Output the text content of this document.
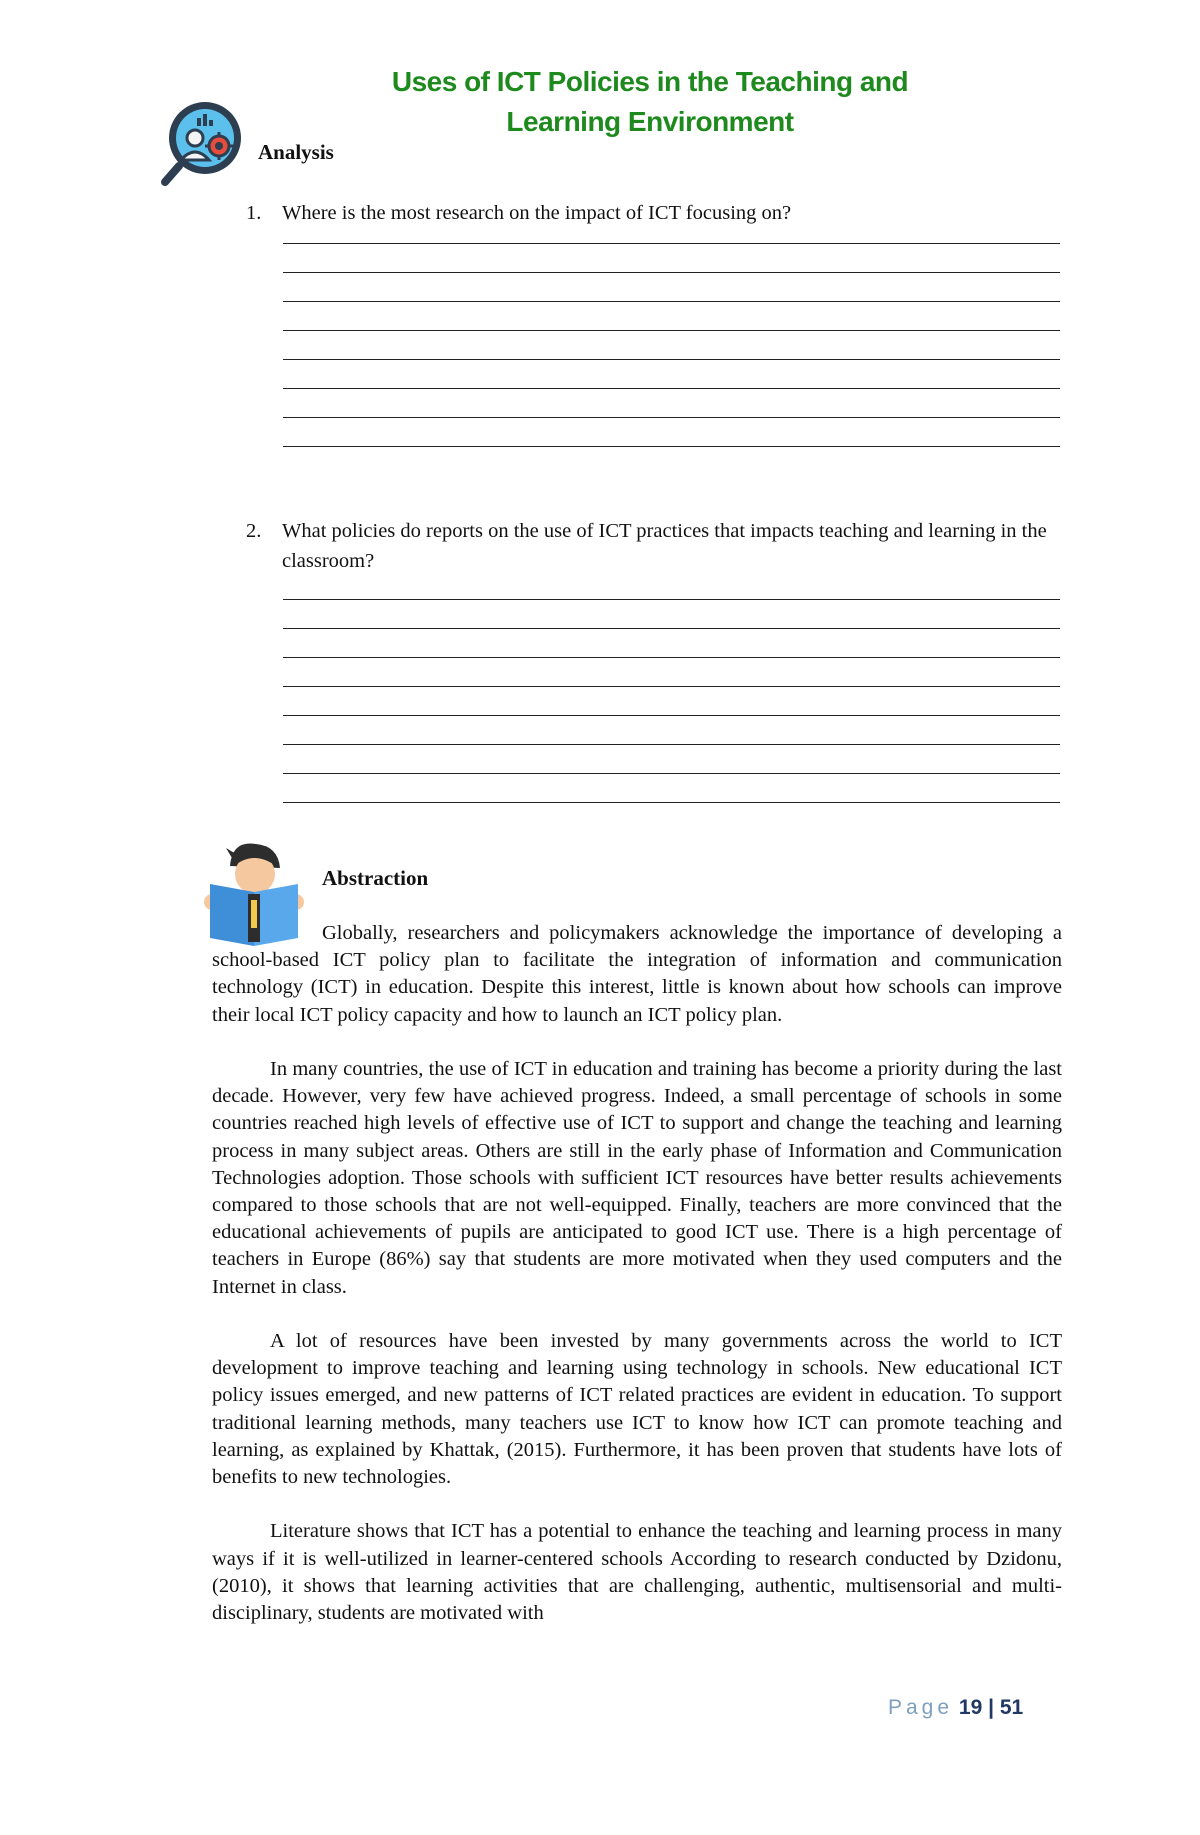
Uses of ICT Policies in the Teaching and
Learning Environment
Analysis
1. Where is the most research on the impact of ICT focusing on?
2. What policies do reports on the use of ICT practices that impacts teaching and learning in the classroom?
Abstraction

Globally, researchers and policymakers acknowledge the importance of developing a school-based ICT policy plan to facilitate the integration of information and communication technology (ICT) in education. Despite this interest, little is known about how schools can improve their local ICT policy capacity and how to launch an ICT policy plan.

In many countries, the use of ICT in education and training has become a priority during the last decade. However, very few have achieved progress. Indeed, a small percentage of schools in some countries reached high levels of effective use of ICT to support and change the teaching and learning process in many subject areas. Others are still in the early phase of Information and Communication Technologies adoption. Those schools with sufficient ICT resources have better results achievements compared to those schools that are not well-equipped. Finally, teachers are more convinced that the educational achievements of pupils are anticipated to good ICT use. There is a high percentage of teachers in Europe (86%) say that students are more motivated when they used computers and the Internet in class.

A lot of resources have been invested by many governments across the world to ICT development to improve teaching and learning using technology in schools. New educational ICT policy issues emerged, and new patterns of ICT related practices are evident in education. To support traditional learning methods, many teachers use ICT to know how ICT can promote teaching and learning, as explained by Khattak, (2015). Furthermore, it has been proven that students have lots of benefits to new technologies.

Literature shows that ICT has a potential to enhance the teaching and learning process in many ways if it is well-utilized in learner-centered schools According to research conducted by Dzidonu, (2010), it shows that learning activities that are challenging, authentic, multisensorial and multi-disciplinary, students are motivated with

Page 19 | 51
